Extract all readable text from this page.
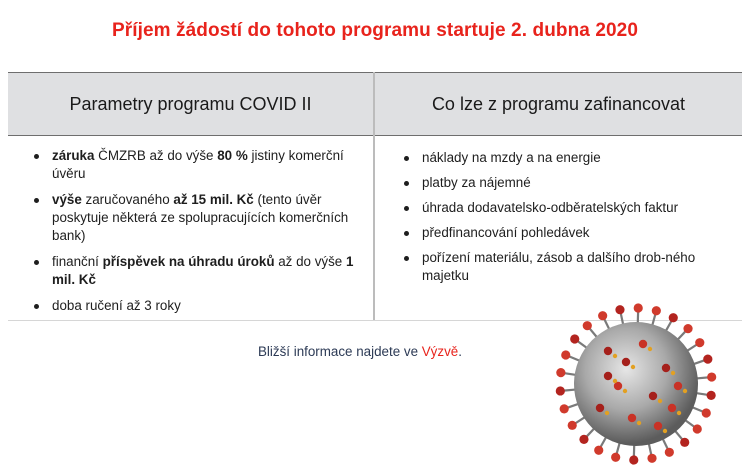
Příjem žádostí do tohoto programu startuje 2. dubna 2020
Parametry programu COVID II	Co lze z programu zafinancovat
záruka ČMZRB až do výše 80 % jistiny komerční úvěru
výše zaručovaného až 15 mil. Kč (tento úvěr poskytuje některá ze spolupracujících komerčních bank)
finanční příspěvek na úhradu úroků až do výše 1 mil. Kč
doba ručení až 3 roky
náklady na mzdy a na energie
platby za nájemné
úhrada dodavatelsko-odběratelských faktur
předfinancování pohledávek
pořízení materiálu, zásob a dalšího drob-ného majetku
Bližší informace najdete ve Výzvě.
